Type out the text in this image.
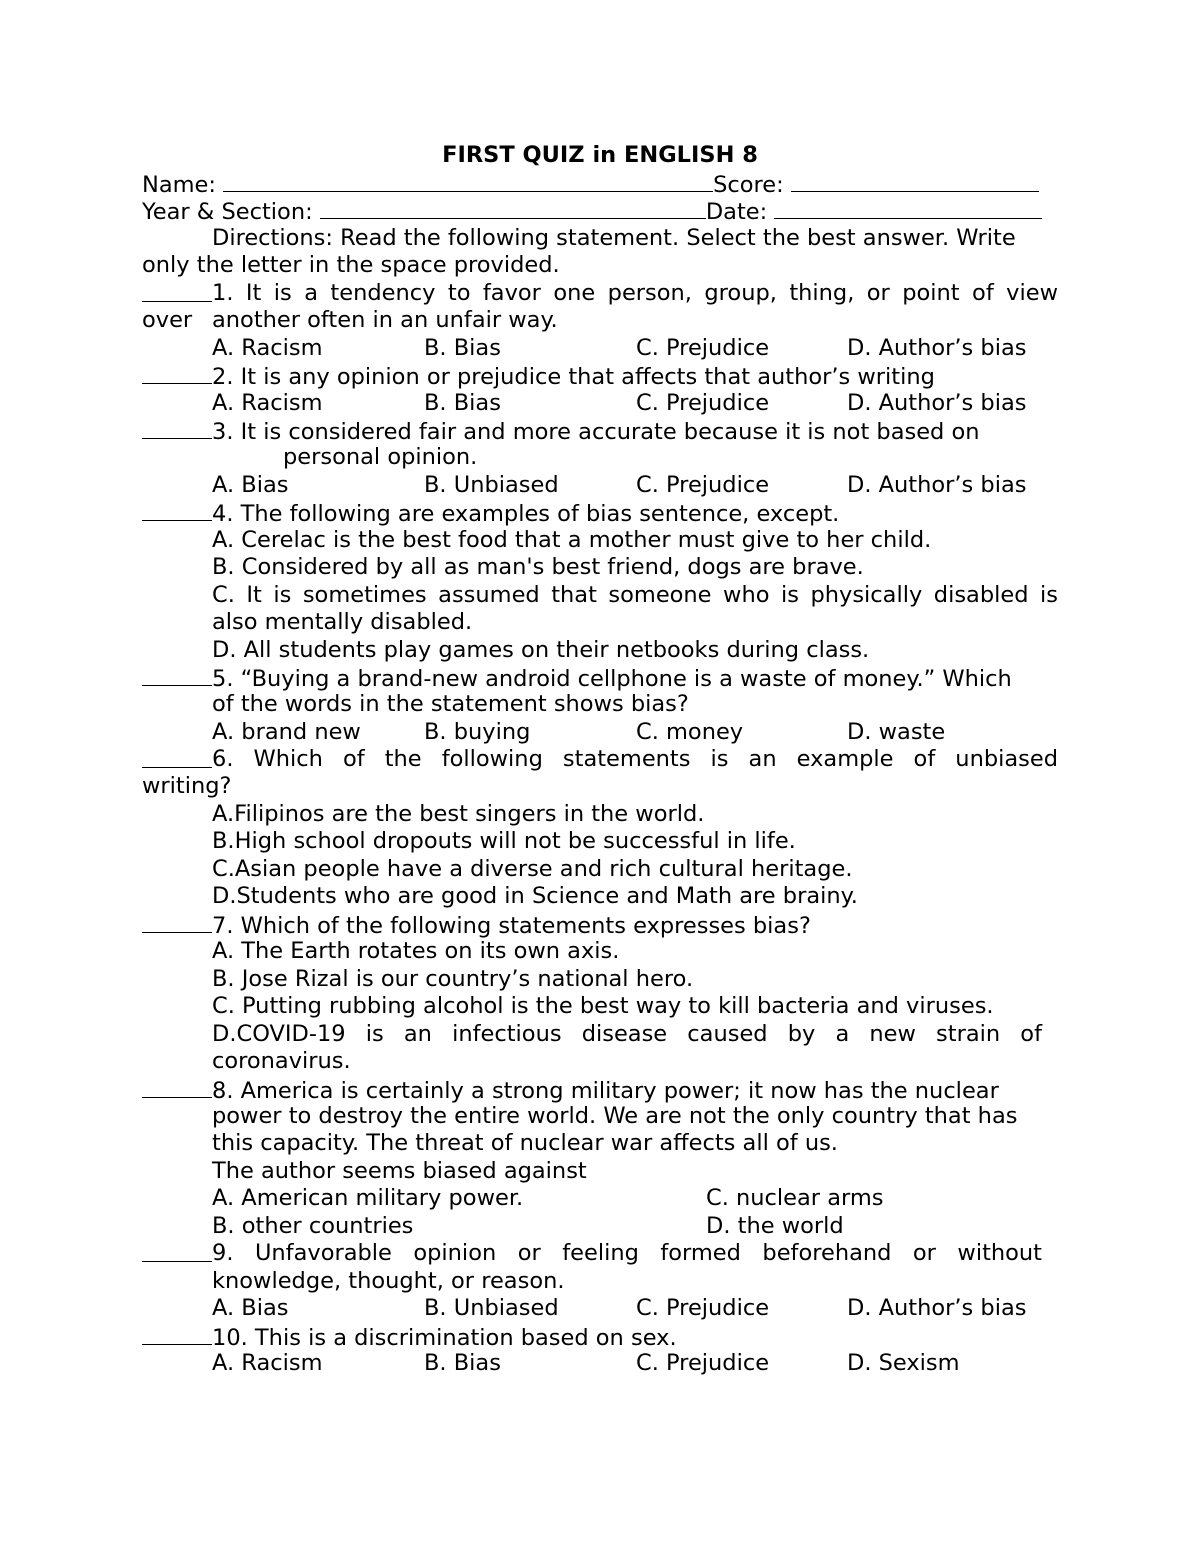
FIRST QUIZ in ENGLISH 8
Name:	Score:
Year & Section:	Date:
Directions: Read the following statement. Select the best answer. Write
only the letter in the space provided.
1. It is a tendency to favor one person, group, thing, or point of view
over another often in an unfair way.
A. Racism	B. Bias	C. Prejudice	D. Author’s bias
2. It is any opinion or prejudice that affects that author’s writing
A. Racism	B. Bias	C. Prejudice	D. Author’s bias
3. It is considered fair and more accurate because it is not based on
personal opinion.
A. Bias	B. Unbiased	C. Prejudice	D. Author’s bias
4. The following are examples of bias sentence, except.
A. Cerelac is the best food that a mother must give to her child.
B. Considered by all as man's best friend, dogs are brave.
C. It is sometimes assumed that someone who is physically disabled is
also mentally disabled.
D. All students play games on their netbooks during class.
5. “Buying a brand-new android cellphone is a waste of money.” Which
of the words in the statement shows bias?
A. brand new	B. buying	C. money	D. waste
6. Which of the following statements is an example of unbiased
writing?
A.Filipinos are the best singers in the world.
B.High school dropouts will not be successful in life.
C.Asian people have a diverse and rich cultural heritage.
D.Students who are good in Science and Math are brainy.
7. Which of the following statements expresses bias?
A. The Earth rotates on its own axis.
B. Jose Rizal is our country’s national hero.
C. Putting rubbing alcohol is the best way to kill bacteria and viruses.
D.COVID-19 is an infectious disease caused by a new strain of
coronavirus.
8. America is certainly a strong military power; it now has the nuclear
power to destroy the entire world. We are not the only country that has
this capacity. The threat of nuclear war affects all of us.
The author seems biased against
A. American military power.	C. nuclear arms
B. other countries	D. the world
9. Unfavorable opinion or feeling formed beforehand or without
knowledge, thought, or reason.
A. Bias	B. Unbiased	C. Prejudice	D. Author’s bias
10. This is a discrimination based on sex.
A. Racism	B. Bias	C. Prejudice	D. Sexism
